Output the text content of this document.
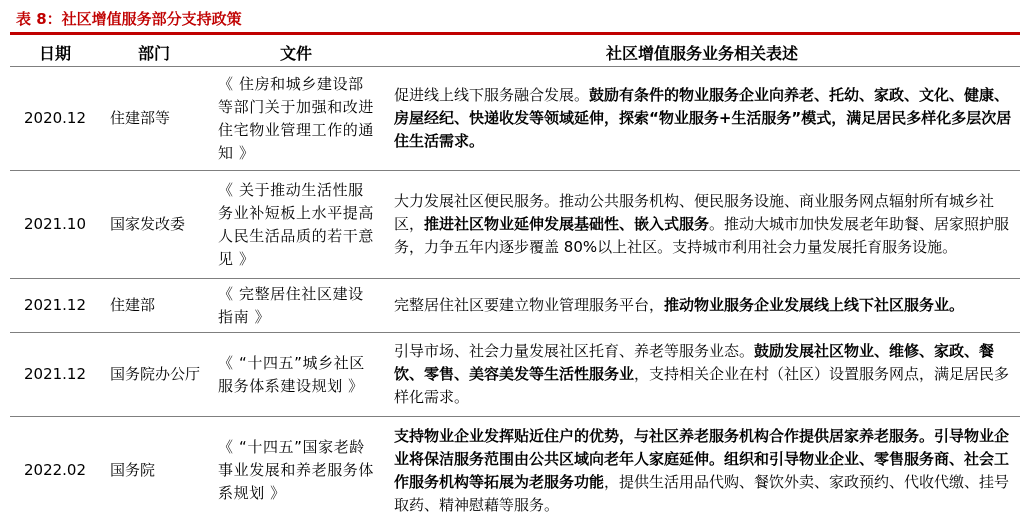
表 8：社区增值服务部分支持政策
日期	部门	文件	社区增值服务业务相关表述
2020.12	住建部等	《 住房和城乡建设部等部门关于加强和改进住宅物业管理工作的通知 》	促进线上线下服务融合发展。鼓励有条件的物业服务企业向养老、托幼、家政、文化、健康、房屋经纪、快递收发等领域延伸，探索“物业服务+生活服务”模式，满足居民多样化多层次居住生活需求。
2021.10	国家发改委	《 关于推动生活性服务业补短板上水平提高人民生活品质的若干意见 》	大力发展社区便民服务。推动公共服务机构、便民服务设施、商业服务网点辐射所有城乡社区，推进社区物业延伸发展基础性、嵌入式服务。推动大城市加快发展老年助餐、居家照护服务，力争五年内逐步覆盖 80%以上社区。支持城市利用社会力量发展托育服务设施。
2021.12	住建部	《 完整居住社区建设指南 》	完整居住社区要建立物业管理服务平台，推动物业服务企业发展线上线下社区服务业。
2021.12	国务院办公厅	《 “十四五”城乡社区服务体系建设规划 》	引导市场、社会力量发展社区托育、养老等服务业态。鼓励发展社区物业、维修、家政、餐饮、零售、美容美发等生活性服务业，支持相关企业在村（社区）设置服务网点，满足居民多样化需求。
2022.02	国务院	《 “十四五”国家老龄事业发展和养老服务体系规划 》	支持物业企业发挥贴近住户的优势，与社区养老服务机构合作提供居家养老服务。引导物业企业将保洁服务范围由公共区域向老年人家庭延伸。组织和引导物业企业、零售服务商、社会工作服务机构等拓展为老服务功能，提供生活用品代购、餐饮外卖、家政预约、代收代缴、挂号取药、精神慰藉等服务。
